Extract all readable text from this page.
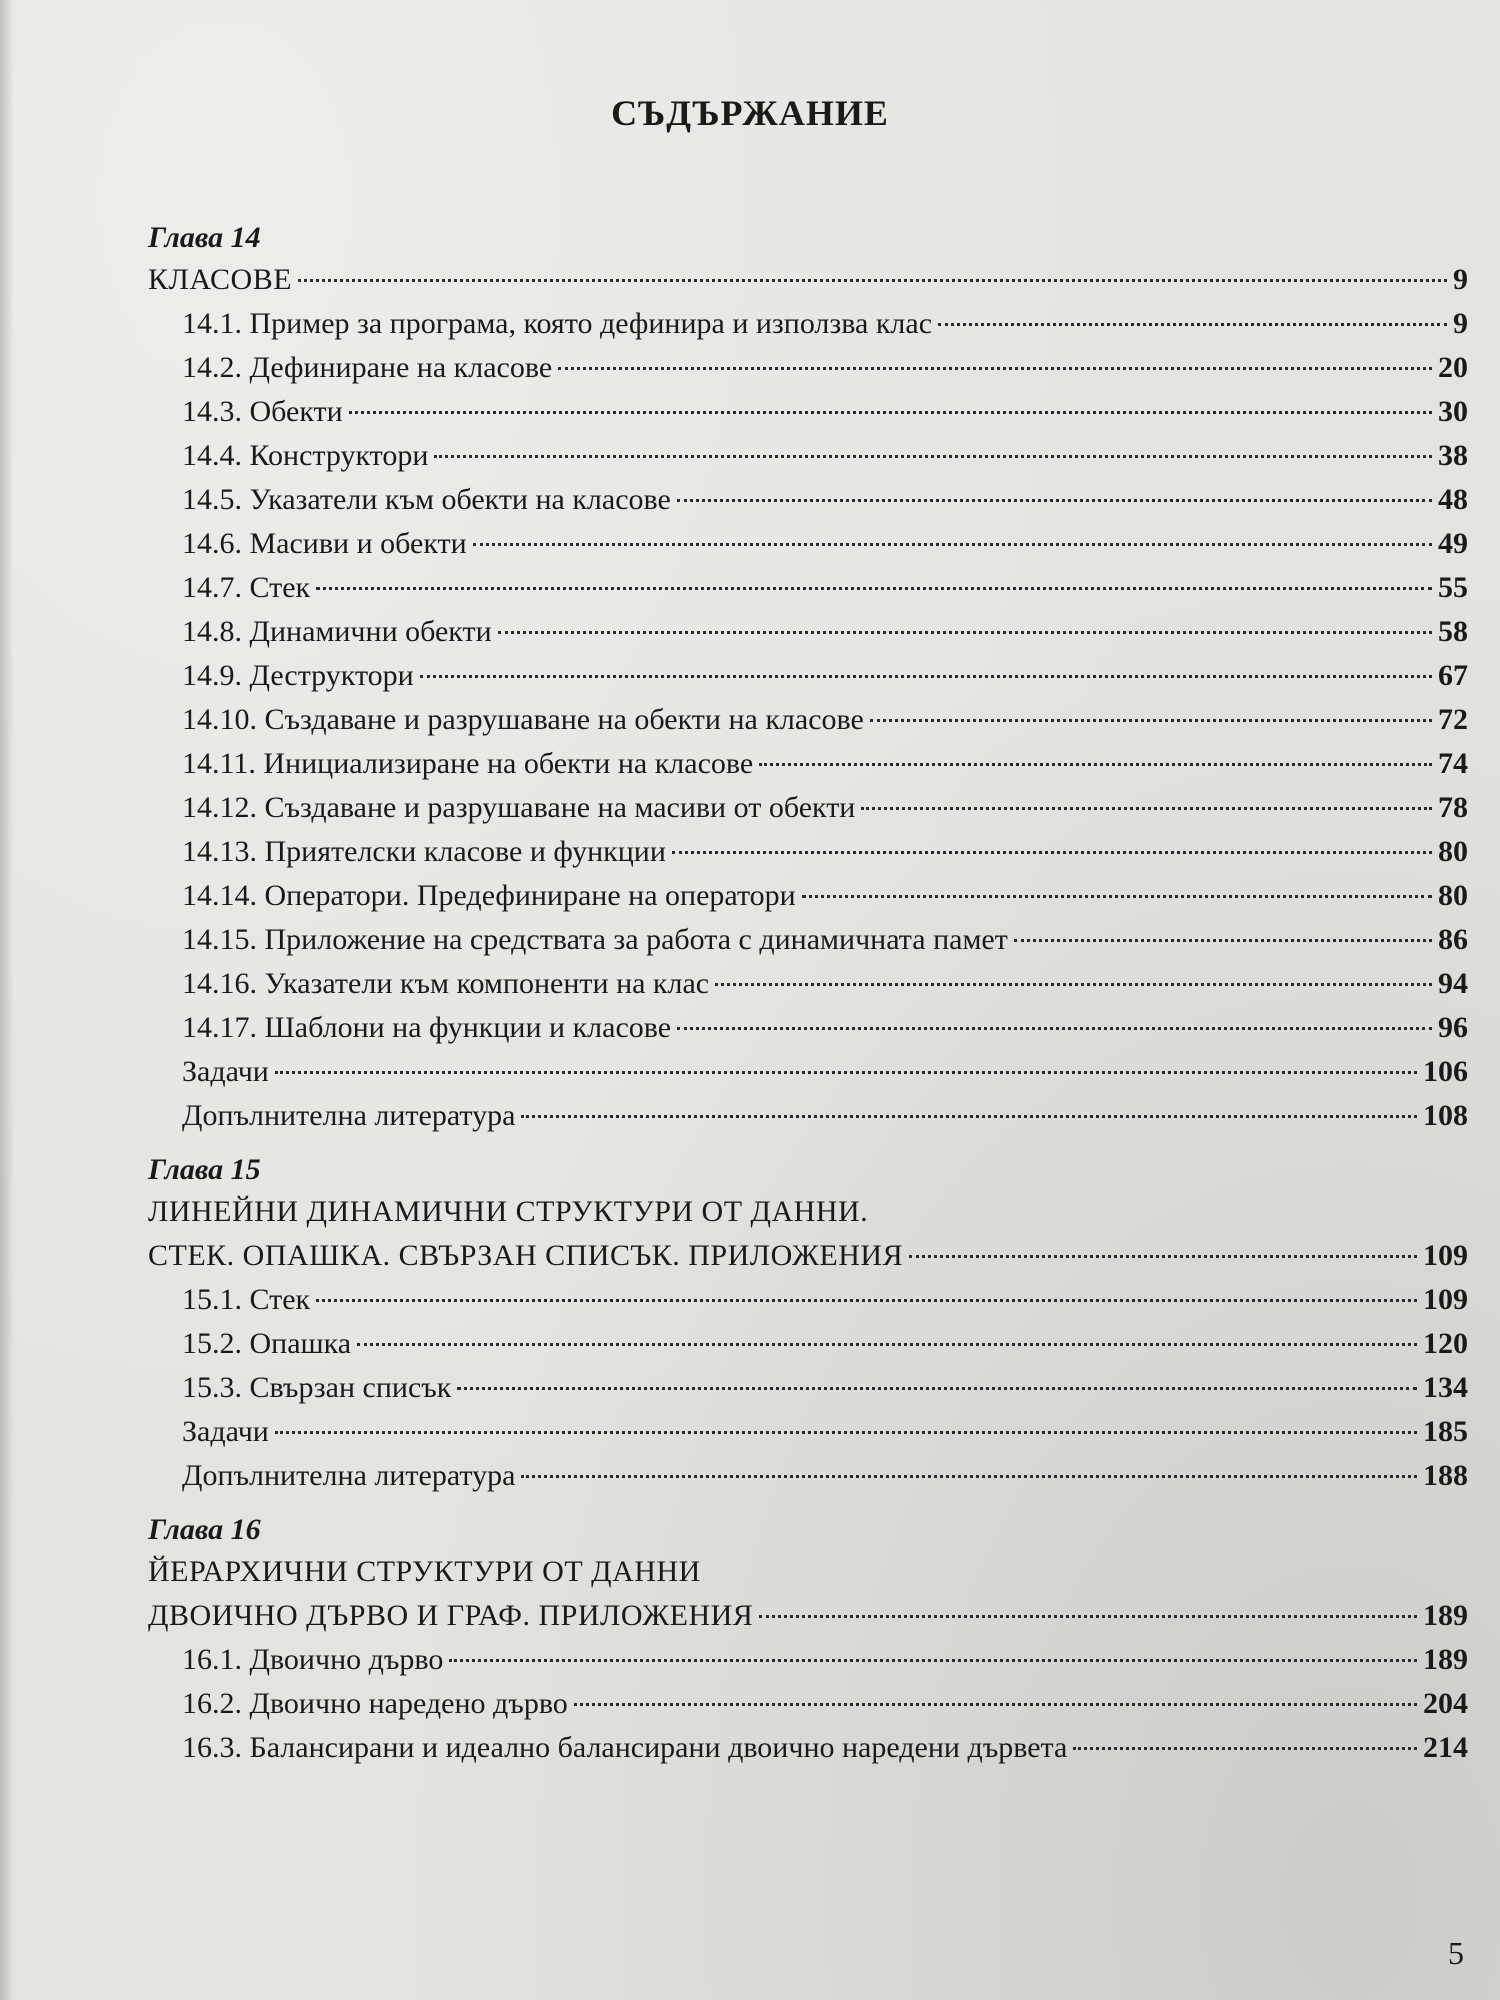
СЪДЪРЖАНИЕ
Глава 14
КЛАСОВЕ	9
14.1. Пример за програма, която дефинира и използва клас	9
14.2. Дефиниране на класове	20
14.3. Обекти	30
14.4. Конструктори	38
14.5. Указатели към обекти на класове	48
14.6. Масиви и обекти	49
14.7. Стек	55
14.8. Динамични обекти	58
14.9. Деструктори	67
14.10. Създаване и разрушаване на обекти на класове	72
14.11. Инициализиране на обекти на класове	74
14.12. Създаване и разрушаване на масиви от обекти	78
14.13. Приятелски класове и функции	80
14.14. Оператори. Предефиниране на оператори	80
14.15. Приложение на средствата за работа с динамичната памет	86
14.16. Указатели към компоненти на клас	94
14.17. Шаблони на функции и класове	96
Задачи	106
Допълнителна литература	108
Глава 15
ЛИНЕЙНИ ДИНАМИЧНИ СТРУКТУРИ ОТ ДАННИ.
СТЕК. ОПАШКА. СВЪРЗАН СПИСЪК. ПРИЛОЖЕНИЯ	109
15.1. Стек	109
15.2. Опашка	120
15.3. Свързан списък	134
Задачи	185
Допълнителна литература	188
Глава 16
ЙЕРАРХИЧНИ СТРУКТУРИ ОТ ДАННИ
ДВОИЧНО ДЪРВО И ГРАФ. ПРИЛОЖЕНИЯ	189
16.1. Двоично дърво	189
16.2. Двоично наредено дърво	204
16.3. Балансирани и идеално балансирани двоично наредени дървета	214
5
